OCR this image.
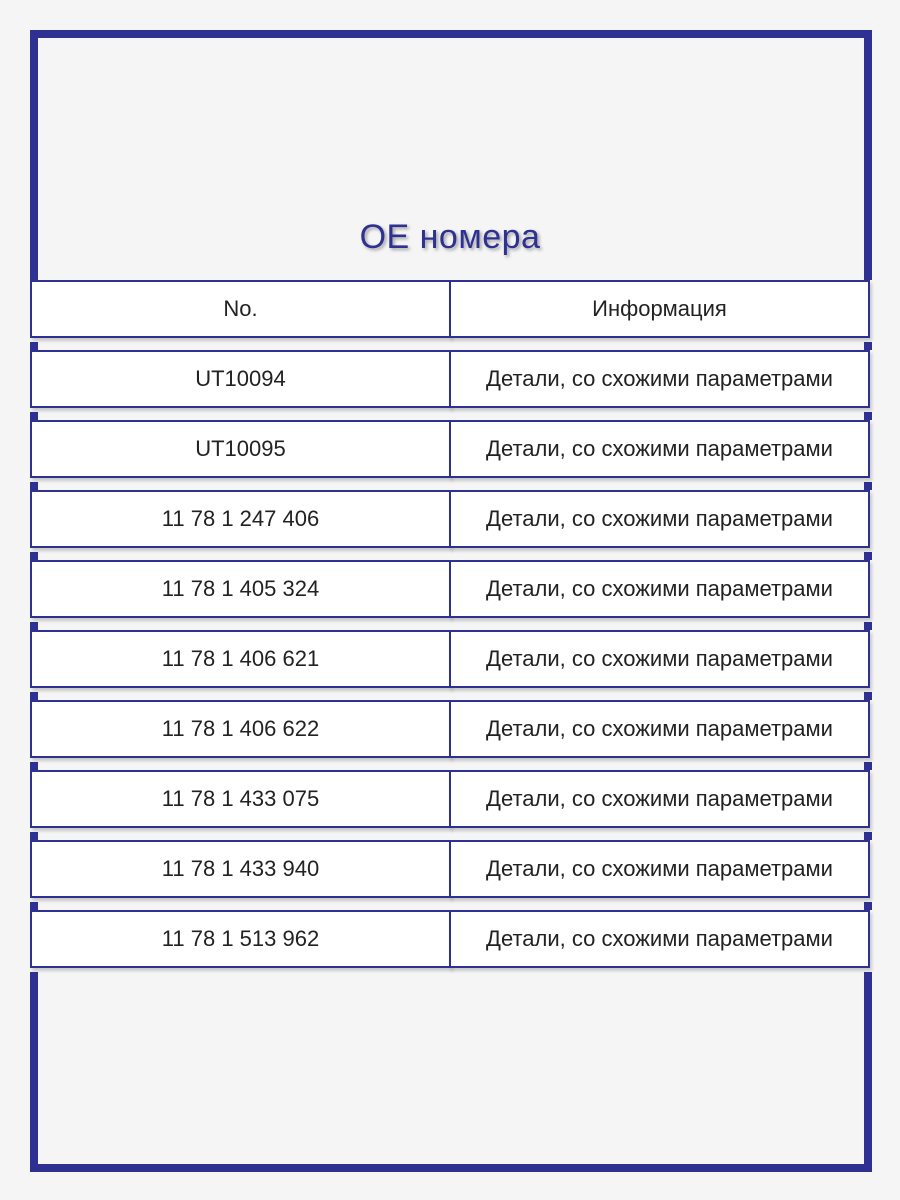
OE номера
No.	Информация
UT10094	Детали, со схожими параметрами
UT10095	Детали, со схожими параметрами
11 78 1 247 406	Детали, со схожими параметрами
11 78 1 405 324	Детали, со схожими параметрами
11 78 1 406 621	Детали, со схожими параметрами
11 78 1 406 622	Детали, со схожими параметрами
11 78 1 433 075	Детали, со схожими параметрами
11 78 1 433 940	Детали, со схожими параметрами
11 78 1 513 962	Детали, со схожими параметрами
